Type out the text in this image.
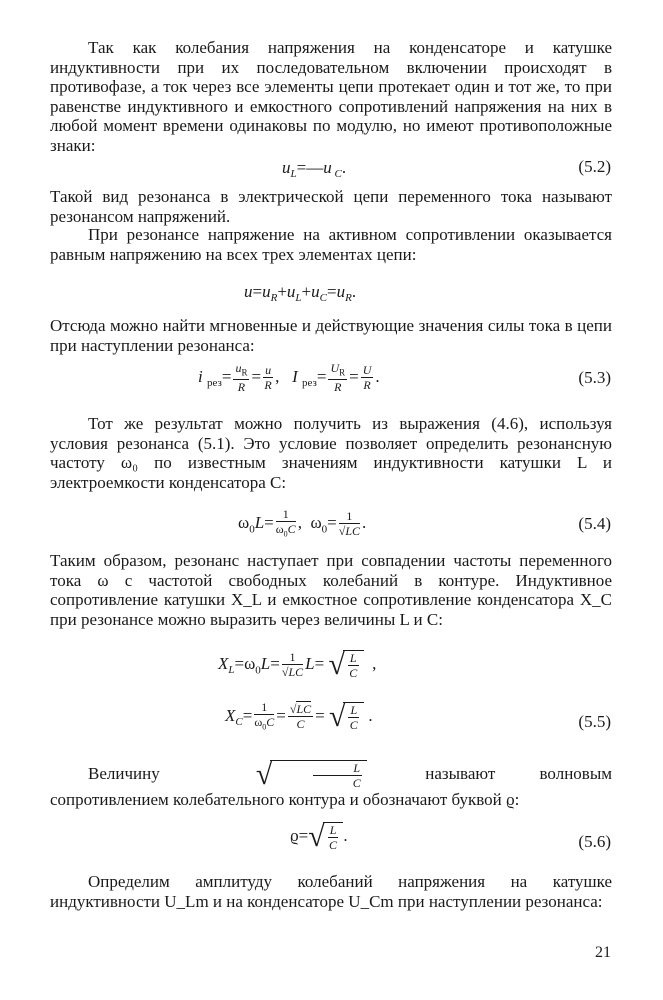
Так как колебания напряжения на конденсаторе и катушке индуктивности при их последовательном включении происходят в противофазе, а ток через все элементы цепи протекает один и тот же, то при равенстве индуктивного и емкостного сопротивлений напряжения на них в любой момент времени одинаковы по модулю, но имеют противоположные знаки:

$u_L=—u$ $_C$.	(5.2)

Такой вид резонанса в электрической цепи переменного тока называют резонансом напряжений.

При резонансе напряжение на активном сопротивлении оказывается равным напряжению на всех трех элементах цепи:

$u=u_R+u_L+u_C=u_R$.

Отсюда можно найти мгновенные и действующие значения силы тока в цепи при наступлении резонанса:

i $_{рез}= \frac{u_R}{R} = \frac{u}{R}$ ,   I $_{рез}= \frac{U_R}{R} = \frac{U}{R}$ .	(5.3)

Тот же результат можно получить из выражения (4.6), используя условия резонанса (5.1). Это условие позволяет определить резонансную частоту ω₀ по известным значениям индуктивности катушки L и электроемкости конденсатора C:

$\omega_0L= \frac{1}{\omega_0C}$ ,  $\omega_0= \frac{1}{√LC}$ .	(5.4)

Таким образом, резонанс наступает при совпадении частоты переменного тока ω с частотой свободных колебаний в контуре. Индуктивное сопротивление катушки X_L и емкостное сопротивление конденсатора X_C при резонансе можно выразить через величины L и C:

$X_L=\omega_0L= \frac{1}{√LC} L=$ √ $\frac{L}{C}$ ,
$X_C= \frac{1}{\omega_0C} = \frac{√LC}{C}$ = √ $\frac{L}{C}$ .	(5.5)
Величину	√	$\frac{L}{C}$	называют волновым сопротивлением колебательного контура и обозначают буквой ϱ:
$ϱ=√ \frac{L}{C}$ .	(5.6)

Определим амплитуду колебаний напряжения на катушке индуктивности U_Lm и на конденсаторе U_Cm при наступлении резонанса:

21
